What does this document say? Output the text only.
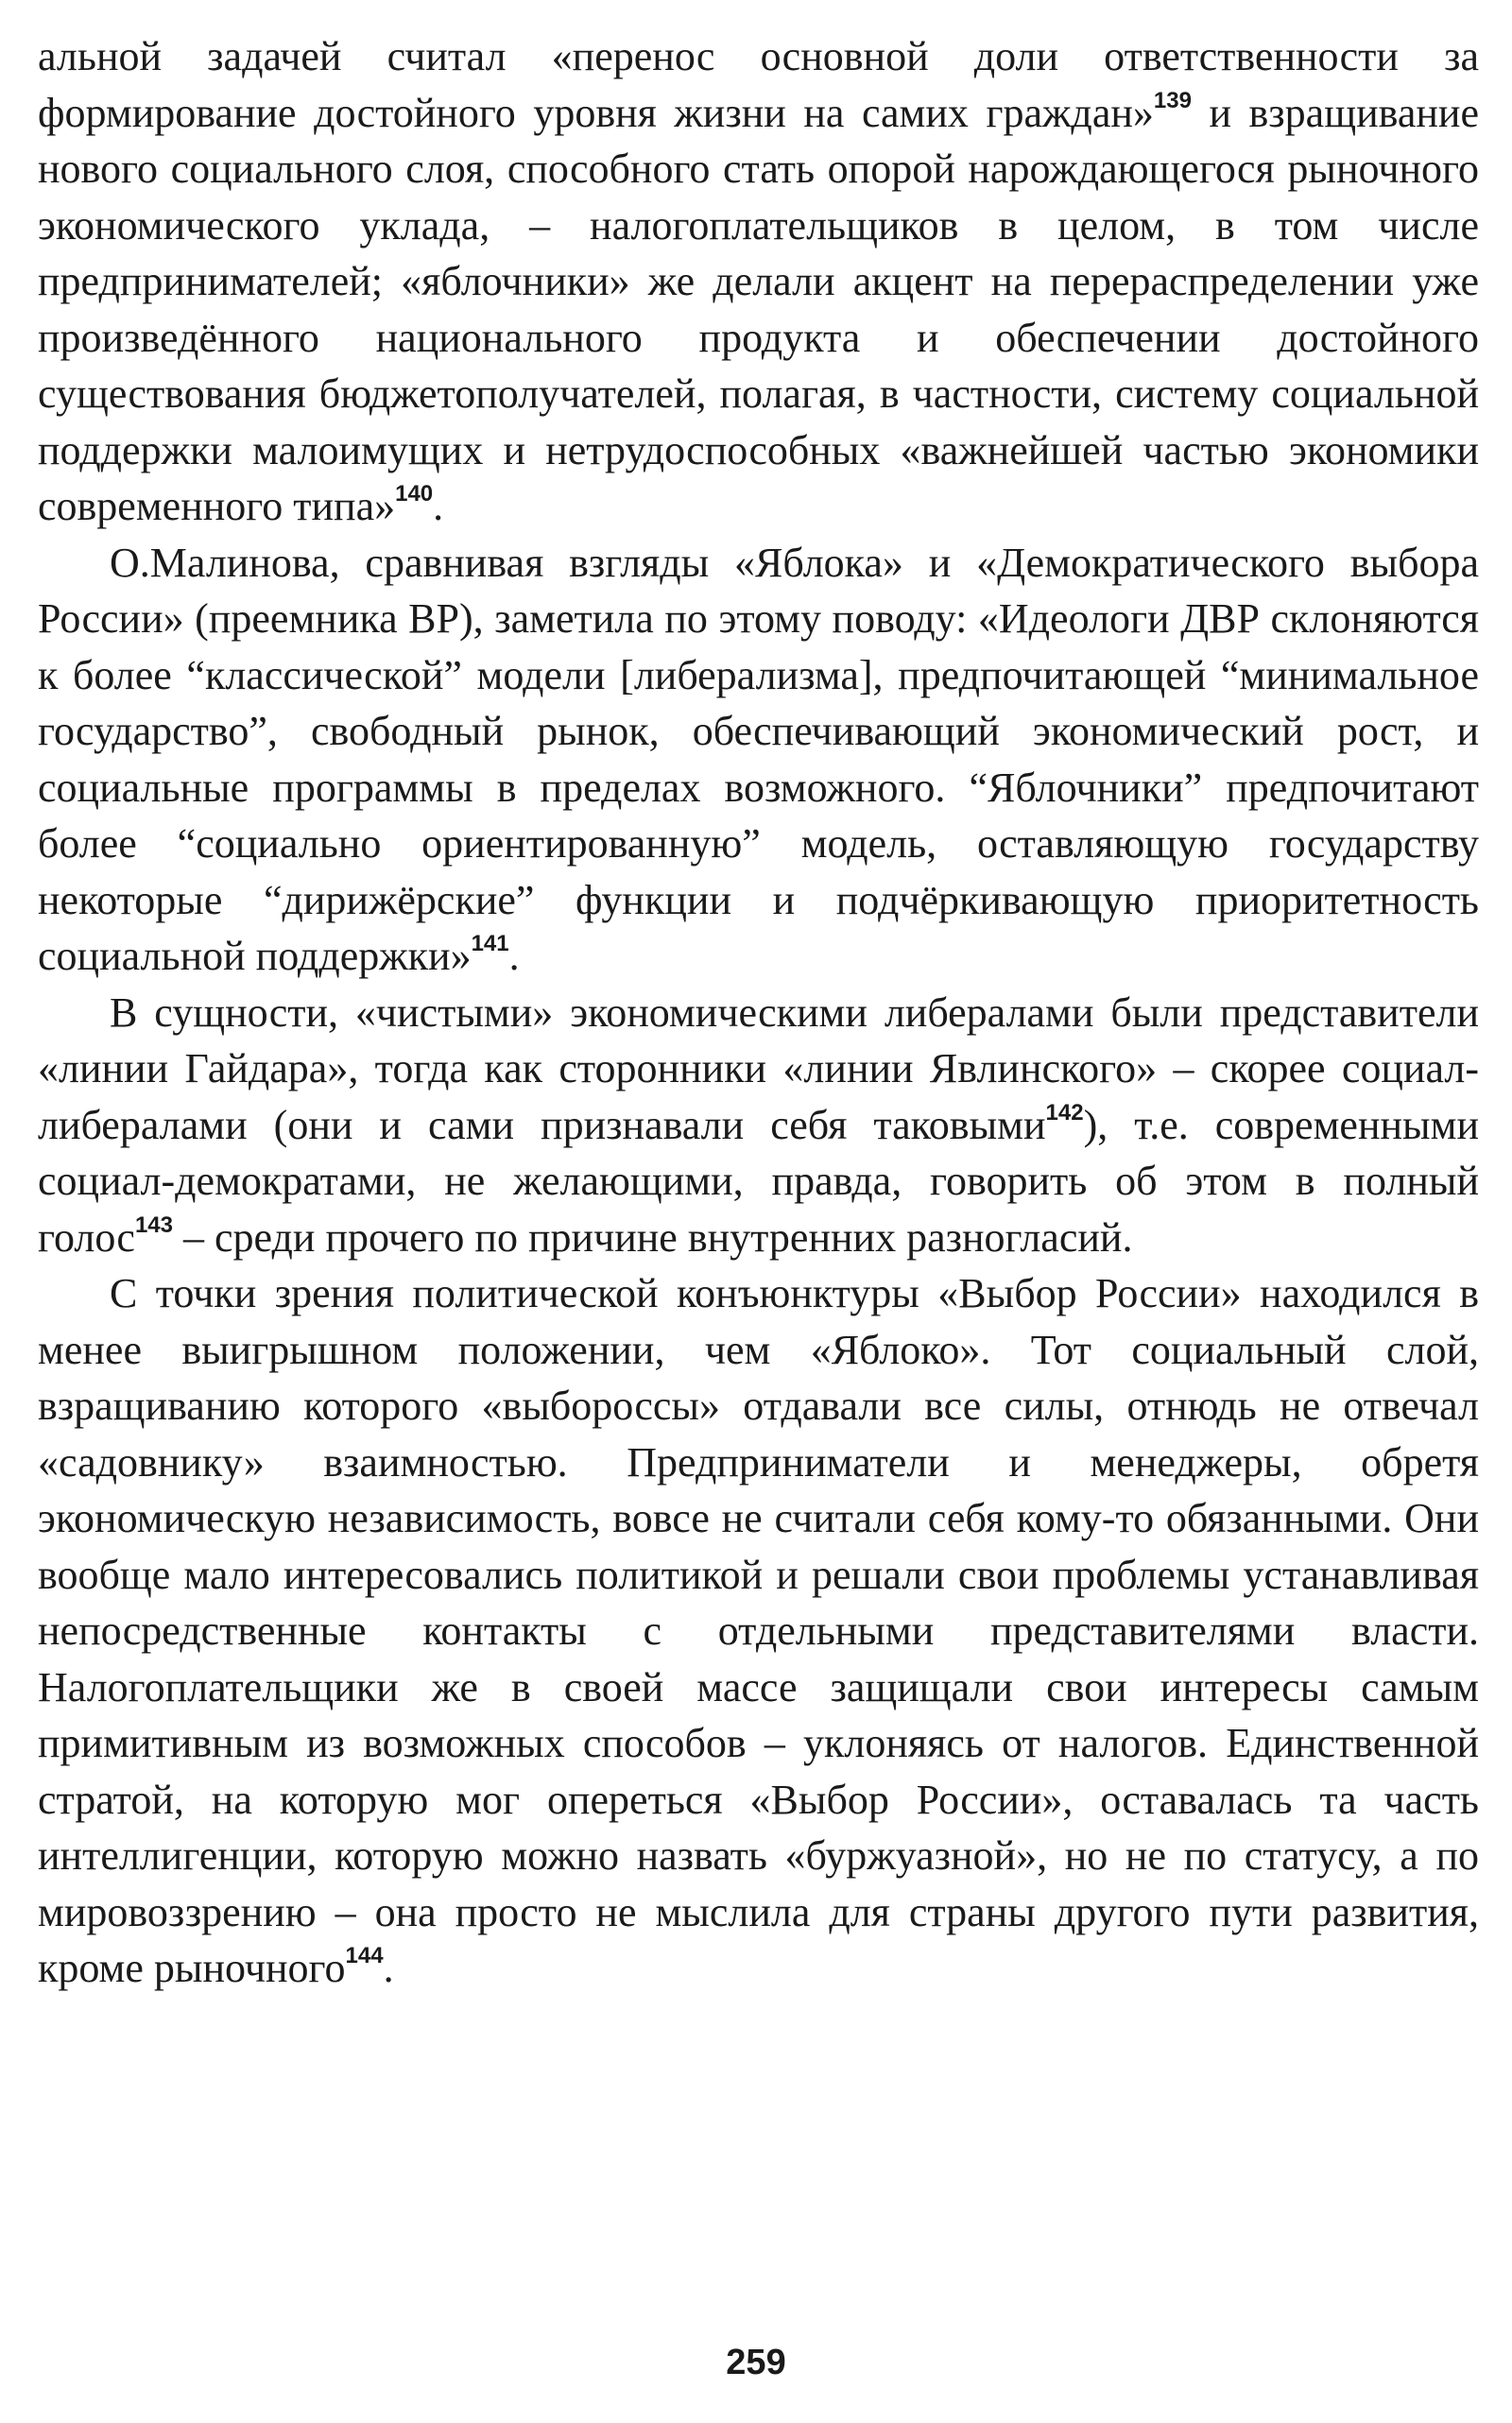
альной задачей считал «перенос основной доли ответственности за формирование достойного уровня жизни на самих граждан»$^{139}$ и взращивание нового социального слоя, способного стать опорой нарождающегося рыночного экономического уклада, – налогоплательщиков в целом, в том числе предпринимателей; «яблочники» же делали акцент на перераспределении уже произведённого национального продукта и обеспечении достойного существования бюджетополучателей, полагая, в частности, систему социальной поддержки малоимущих и нетрудоспособных «важнейшей частью экономики современного типа»$^{140}$.

О.Малинова, сравнивая взгляды «Яблока» и «Демократического выбора России» (преемника ВР), заметила по этому поводу: «Идеологи ДВР склоняются к более “классической” модели [либерализма], предпочитающей “минимальное государство”, свободный рынок, обеспечивающий экономический рост, и социальные программы в пределах возможного. “Яблочники” предпочитают более “социально ориентированную” модель, оставляющую государству некоторые “дирижёрские” функции и подчёркивающую приоритетность социальной поддержки»$^{141}$.

В сущности, «чистыми» экономическими либералами были представители «линии Гайдара», тогда как сторонники «линии Явлинского» – скорее социал-либералами (они и сами признавали себя таковыми$^{142}$), т.е. современными социал-демократами, не желающими, правда, говорить об этом в полный голос$^{143}$ – среди прочего по причине внутренних разногласий.

С точки зрения политической конъюнктуры «Выбор России» находился в менее выигрышном положении, чем «Яблоко». Тот социальный слой, взращиванию которого «выбороссы» отдавали все силы, отнюдь не отвечал «садовнику» взаимностью. Предприниматели и менеджеры, обретя экономическую независимость, вовсе не считали себя кому-то обязанными. Они вообще мало интересовались политикой и решали свои проблемы устанавливая непосредственные контакты с отдельными представителями власти. Налогоплательщики же в своей массе защищали свои интересы самым примитивным из возможных способов – уклоняясь от налогов. Единственной стратой, на которую мог опереться «Выбор России», оставалась та часть интеллигенции, которую можно назвать «буржуазной», но не по статусу, а по мировоззрению – она просто не мыслила для страны другого пути развития, кроме рыночного$^{144}$.

259
